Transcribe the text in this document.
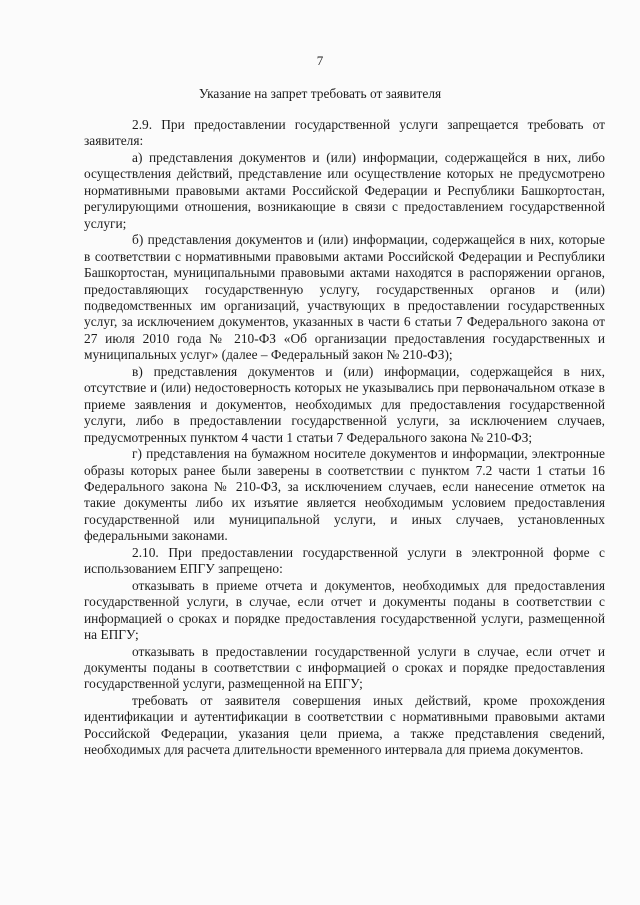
7
Указание на запрет требовать от заявителя

2.9. При предоставлении государственной услуги запрещается требовать от заявителя:

а) представления документов и (или) информации, содержащейся в них, либо осуществления действий, представление или осуществление которых не предусмотрено нормативными правовыми актами Российской Федерации и Республики Башкортостан, регулирующими отношения, возникающие в связи с предоставлением государственной услуги;

б) представления документов и (или) информации, содержащейся в них, которые в соответствии с нормативными правовыми актами Российской Федерации и Республики Башкортостан, муниципальными правовыми актами находятся в распоряжении органов, предоставляющих государственную услугу, государственных органов и (или) подведомственных им организаций, участвующих в предоставлении государственных услуг, за исключением документов, указанных в части 6 статьи 7 Федерального закона от 27 июля 2010 года № 210-ФЗ «Об организации предоставления государственных и муниципальных услуг» (далее – Федеральный закон № 210-ФЗ);

в) представления документов и (или) информации, содержащейся в них, отсутствие и (или) недостоверность которых не указывались при первоначальном отказе в приеме заявления и документов, необходимых для предоставления государственной услуги, либо в предоставлении государственной услуги, за исключением случаев, предусмотренных пунктом 4 части 1 статьи 7 Федерального закона № 210-ФЗ;

г) представления на бумажном носителе документов и информации, электронные образы которых ранее были заверены в соответствии с пунктом 7.2 части 1 статьи 16 Федерального закона № 210-ФЗ, за исключением случаев, если нанесение отметок на такие документы либо их изъятие является необходимым условием предоставления государственной или муниципальной услуги, и иных случаев, установленных федеральными законами.

2.10. При предоставлении государственной услуги в электронной форме с использованием ЕПГУ запрещено:

отказывать в приеме отчета и документов, необходимых для предоставления государственной услуги, в случае, если отчет и документы поданы в соответствии с информацией о сроках и порядке предоставления государственной услуги, размещенной на ЕПГУ;

отказывать в предоставлении государственной услуги в случае, если отчет и документы поданы в соответствии с информацией о сроках и порядке предоставления государственной услуги, размещенной на ЕПГУ;

требовать от заявителя совершения иных действий, кроме прохождения идентификации и аутентификации в соответствии с нормативными правовыми актами Российской Федерации, указания цели приема, а также представления сведений, необходимых для расчета длительности временного интервала для приема документов.
